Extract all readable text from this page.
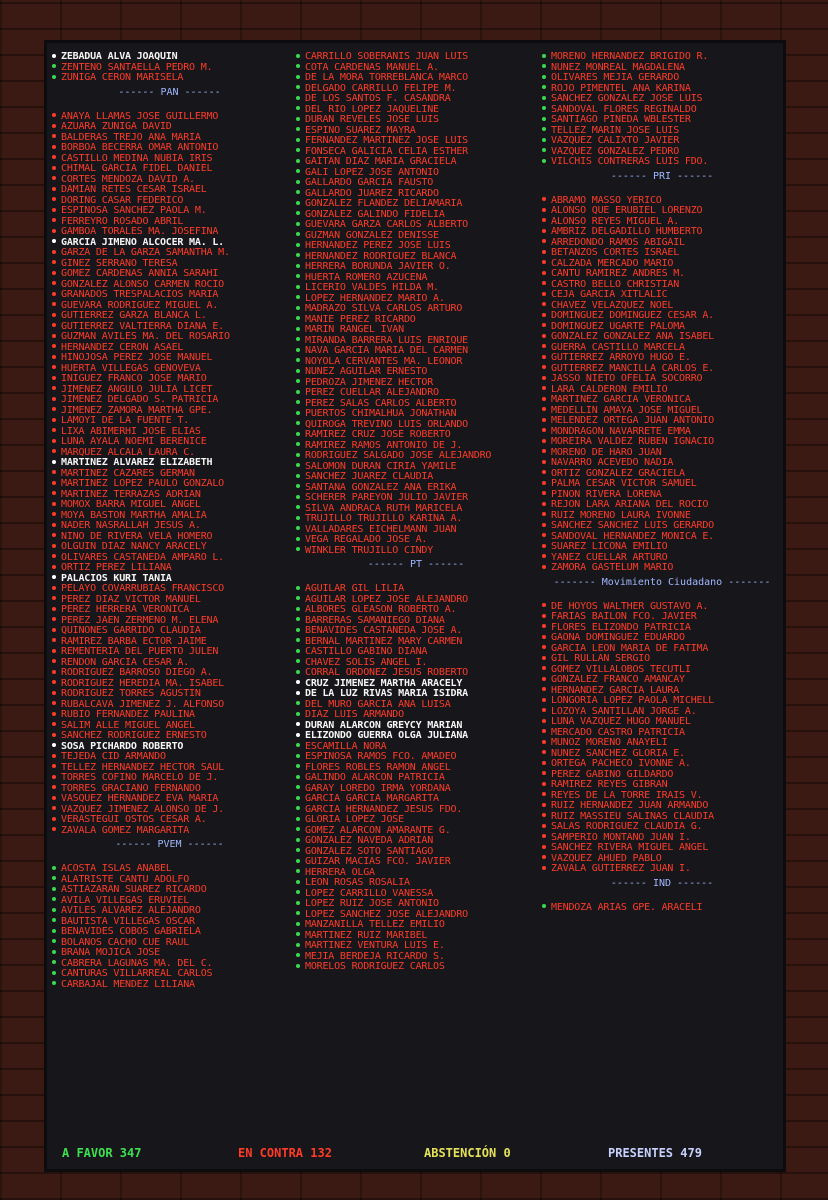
ZEBADÚA ALVA JOAQUÍN
ZENTENO SANTAELLA PEDRO M.
ZÚÑIGA CERÓN MARISELA
------ PAN ------
ANAYA LLAMAS JOSÉ GUILLERMO
AZUARA ZÚÑIGA DAVID
BALDERAS TREJO ANA MARÍA
BORBOA BECERRA OMAR ANTONIO
CASTILLO MEDINA NUBIA IRIS
CHIMAL GARCÍA FIDEL DANIEL
CORTÉS MENDOZA DAVID A.
DAMIÁN RETES CÉSAR ISRAEL
DÓRING CASAR FEDERICO
ESPINOSA SÁNCHEZ PAOLA M.
FERREYRO ROSADO ABRIL
GAMBOA TORALES MA. JOSEFINA
GARCÍA JIMENO ALCOCER MA. L.
GARZA DE LA GARZA SAMANTHA M.
GINEZ SERRANO TERESA
GÓMEZ CÁRDENAS ANNIA SARAHÍ
GONZÁLEZ ALONSO CARMEN ROCÍO
GRANADOS TRESPALACIOS MARÍA
GUEVARA RODRÍGUEZ MIGUEL A.
GUTIÉRREZ GARZA BLANCA L.
GUTIÉRREZ VALTIERRA DIANA E.
GUZMÁN AVILÉS MA. DEL ROSARIO
HERNÁNDEZ CERÓN ASAEL
HINOJOSA PÉREZ JOSÉ MANUEL
HUERTA VILLEGAS GENOVEVA
IÑIGUEZ FRANCO JOSÉ MARIO
JIMÉNEZ ANGULO JULIA LICET
JIMÉNEZ DELGADO S. PATRICIA
JIMÉNEZ ZAMORA MARTHA GPE.
LAMOYI DE LA FUENTE T.
LIXA ABIMERHI JOSÉ ELÍAS
LUNA AYALA NOEMÍ BERENICE
MARQUEZ ALCALÁ LAURA C.
MARTÍNEZ ÁLVAREZ ELIZABETH
MARTÍNEZ CÁZARES GERMÁN
MARTÍNEZ LÓPEZ PAULO GONZALO
MARTÍNEZ TERRAZAS ADRIÁN
MOMOX BARRA MIGUEL ÁNGEL
MOYA BASTÓN MARTHA AMALIA
NADER NASRALLAH JESÚS A.
NIÑO DE RIVERA VELA HOMERO
OLGUÍN DÍAZ NANCY ARACELY
OLIVARES CASTAÑEDA AMPARO L.
ORTIZ PÉREZ LILIANA
PALACIOS KURI TANIA
PELAYO COVARRUBIAS FRANCISCO
PÉREZ DÍAZ VÍCTOR MANUEL
PÉREZ HERRERA VERÓNICA
PÉREZ JAEN ZERMEÑO M. ELENA
QUIÑONES GARRIDO CLAUDIA
RAMÍREZ BARBA ECTOR JAIME
REMENTERÍA DEL PUERTO JULEN
RENDÓN GARCÍA CÉSAR A.
RODRÍGUEZ BARROSO DIEGO A.
RODRÍGUEZ HEREDIA MA. ISABEL
RODRÍGUEZ TORRES AGUSTÍN
RUBALCAVA JIMÉNEZ J. ALFONSO
RUBIO FERNÁNDEZ PAULINA
SALIM ALLE MIGUEL ÁNGEL
SÁNCHEZ RODRÍGUEZ ERNESTO
SOSA PICHARDO ROBERTO
TEJEDA CID ARMANDO
TÉLLEZ HERNÁNDEZ HÉCTOR SAÚL
TORRES COFIÑO MARCELO DE J.
TORRES GRACIANO FERNANDO
VÁSQUEZ HERNÁNDEZ EVA MARÍA
VÁZQUEZ JIMÉNEZ ALONSO DE J.
VERÁSTEGUI OSTOS CÉSAR A.
ZAVALA GÓMEZ MARGARITA
------ PVEM ------
ACOSTA ISLAS ANABEL
ALATRISTE CANTÚ ADOLFO
ASTIAZARÁN SUÁREZ RICARDO
ÁVILA VILLEGAS ERUVIEL
AVILÉS ÁLVAREZ ALEJANDRO
BAUTISTA VILLEGAS OSCAR
BENAVIDES COBOS GABRIELA
BOLAÑOS CACHO CUÉ RAÚL
BRAÑA MOJICA JOSÉ
CABRERA LAGUNAS MA. DEL C.
CANTURAS VILLARREAL CARLOS
CARBAJAL MÉNDEZ LILIANA
CARRILLO SOBERANIS JUAN LUIS
COTA CÁRDENAS MANUEL A.
DE LA MORA TORREBLANCA MARCO
DELGADO CARRILLO FELIPE M.
DE LOS SANTOS F. CASANDRA
DEL RÍO LÓPEZ JAQUELINE
DURÁN REVELES JOSÉ LUIS
ESPINO SUÁREZ MAYRA
FERNÁNDEZ MARTÍNEZ JOSÉ LUIS
FONSECA GALICIA CELIA ESTHER
GAITÁN DÍAZ MARÍA GRACIELA
GALI LÓPEZ JOSÉ ANTONIO
GALLARDO GARCÍA FAUSTO
GALLARDO JUÁREZ RICARDO
GONZÁLEZ FLANDEZ DELIAMARIA
GONZÁLEZ GALINDO FIDELIA
GUEVARA GARZA CARLOS ALBERTO
GUZMÁN GONZÁLEZ DENISSE
HERNÁNDEZ PÉREZ JOSÉ LUIS
HERNÁNDEZ RODRÍGUEZ BLANCA
HERRERA BORUNDA JAVIER O.
HUERTA ROMERO AZUCENA
LICERIO VALDÉS HILDA M.
LÓPEZ HERNÁNDEZ MARIO A.
MADRAZO SILVA CARLOS ARTURO
MANIÉ PÉREZ RICARDO
MARÍN RANGEL IVÁN
MIRANDA BARRERA LUIS ENRIQUE
NAVA GARCÍA MARÍA DEL CARMEN
NOYOLA CERVANTES MA. LEONOR
NÚÑEZ AGUILAR ERNESTO
PEDROZA JIMÉNEZ HÉCTOR
PÉREZ CUÉLLAR ALEJANDRO
PÉREZ SALAS CARLOS ALBERTO
PUERTOS CHIMALHUA JONATHAN
QUIROGA TREVIÑO LUIS ORLANDO
RAMÍREZ CRUZ JOSÉ ROBERTO
RAMÍREZ RAMOS ANTONIO DE J.
RODRÍGUEZ SALGADO JOSÉ ALEJANDRO
SALOMÓN DURÁN CIRIA YAMILE
SÁNCHEZ JUÁREZ CLAUDIA
SANTANA GONZÁLEZ ANA ERIKA
SCHERER PAREYÓN JULIO JAVIER
SILVA ANDRACA RUTH MARICELA
TRUJILLO TRUJILLO KARINA A.
VALLADARES EICHELMANN JUAN
VEGA REGALADO JOSÉ A.
WINKLER TRUJILLO CINDY
------ PT ------
AGUILAR GIL LILIA
AGUILAR LÓPEZ JOSÉ ALEJANDRO
ALBORES GLEASON ROBERTO A.
BARRERAS SAMANIEGO DIANA
BENAVIDES CASTAÑEDA JOSÉ A.
BERNAL MARTÍNEZ MARY CARMEN
CASTILLO GABINO DIANA
CHÁVEZ SOLÍS ÁNGEL I.
CORRAL ORDOÑEZ JESÚS ROBERTO
CRUZ JIMÉNEZ MARTHA ARACELY
DE LA LUZ RIVAS MARÍA ISIDRA
DEL MURO GARCÍA ANA LUISA
DÍAZ LUIS ARMANDO
DURÁN ALARCÓN GREYCY MARIAN
ELIZONDO GUERRA OLGA JULIANA
ESCAMILLA NORA
ESPINOSA RAMOS FCO. AMADEO
FLORES ROBLES RAMÓN ÁNGEL
GALINDO ALARCÓN PATRICIA
GARAY LOREDO IRMA YORDANA
GARCÍA GARCÍA MARGARITA
GARCÍA HERNÁNDEZ JESÚS FDO.
GLORIA LÓPEZ JOSÉ
GÓMEZ ALARCÓN AMARANTE G.
GONZÁLEZ NAVEDA ADRIÁN
GONZÁLEZ SOTO SANTIAGO
GUIZAR MACÍAS FCO. JAVIER
HERRERA OLGA
LEÓN ROSAS ROSALÍA
LÓPEZ CARRILLO VANESSA
LÓPEZ RUIZ JOSÉ ANTONIO
LÓPEZ SÁNCHEZ JOSÉ ALEJANDRO
MANZANILLA TÉLLEZ EMILIO
MARTÍNEZ RUIZ MARIBEL
MARTÍNEZ VENTURA LUIS E.
MEJÍA BERDEJA RICARDO S.
MORELOS RODRÍGUEZ CARLOS
MORENO HERNÁNDEZ BRIGIDO R.
NÚÑEZ MONREAL MAGDALENA
OLIVARES MEJÍA GERARDO
ROJO PIMENTEL ANA KARINA
SÁNCHEZ GONZÁLEZ JOSÉ LUIS
SANDOVAL FLORES REGINALDO
SANTIAGO PINEDA WBLESTER
TÉLLEZ MARÍN JOSÉ LUIS
VÁZQUEZ CALIXTO JAVIER
VÁZQUEZ GONZÁLEZ PEDRO
VILCHIS CONTRERAS LUIS FDO.
------ PRI ------
ABRAMO MASSO YERICÓ
ALONSO QUE ERUBIEL LORENZO
ALONSO REYES MIGUEL A.
AMBRIZ DELGADILLO HUMBERTO
ARREDONDO RAMOS ABIGAIL
BETANZOS CORTÉS ISRAEL
CALZADA MERCADO MARIO
CANTÚ RAMÍREZ ANDRÉS M.
CASTRO BELLO CHRISTIAN
CEJA GARCÍA XITLALIC
CHÁVEZ VELÁZQUEZ NOEL
DOMÍNGUEZ DOMÍNGUEZ CÉSAR A.
DOMÍNGUEZ UGARTE PALOMA
GONZÁLEZ GONZÁLEZ ANA ISABEL
GUERRA CASTILLO MARCELA
GUTIÉRREZ ARROYO HUGO E.
GUTIÉRREZ MANCILLA CARLOS E.
JASSO NIETO OFELIA SOCORRO
LARA CALDERÓN EMILIO
MARTÍNEZ GARCÍA VERÓNICA
MEDELLÍN AMAYA JOSÉ MIGUEL
MELÉNDEZ ORTEGA JUAN ANTONIO
MONDRAGÓN NAVARRETE EMMA
MOREIRA VALDEZ RUBÉN IGNACIO
MORENO DE HARO JUAN
NAVARRO ACEVEDO NADIA
ORTIZ GONZÁLEZ GRACIELA
PALMA CÉSAR VÍCTOR SAMUEL
PIÑÓN RIVERA LORENA
REJÓN LARA ARIANA DEL ROCÍO
RUIZ MORENO LAURA IVONNE
SÁNCHEZ SÁNCHEZ LUIS GERARDO
SANDOVAL HERNÁNDEZ MÓNICA E.
SUÁREZ LICONA EMILIO
YÁÑEZ CUÉLLAR ARTURO
ZAMORA GASTÉLUM MARIO
------- Movimiento Ciudadano -------
DE HOYOS WALTHER GUSTAVO A.
FARÍAS BAILÓN FCO. JAVIER
FLORES ELIZONDO PATRICIA
GAONA DOMÍNGUEZ EDUARDO
GARCÍA LEÓN MARÍA DE FÁTIMA
GIL RULLÁN SERGIO
GÓMEZ VILLALOBOS TECUTLI
GONZÁLEZ FRANCO AMANCAY
HERNÁNDEZ GARCÍA LAURA
LONGORIA LÓPEZ PAOLA MICHELL
LOZOYA SANTILLÁN JORGE A.
LUNA VÁZQUEZ HUGO MANUEL
MERCADO CASTRO PATRICIA
MUÑOZ MORENO ANAYELI
NÚÑEZ SÁNCHEZ GLORIA E.
ORTEGA PACHECO IVONNE A.
PÉREZ GABINO GILDARDO
RAMÍREZ REYES GIBRÁN
REYES DE LA TORRE IRAÍS V.
RUIZ HERNÁNDEZ JUAN ARMANDO
RUIZ MASSIEU SALINAS CLAUDIA
SALAS RODRÍGUEZ CLAUDIA G.
SAMPERIO MONTAÑO JUAN I.
SÁNCHEZ RIVERA MIGUEL ÁNGEL
VÁZQUEZ AHUED PABLO
ZAVALA GUTIÉRREZ JUAN I.
------ IND ------
MENDOZA ARIAS GPE. ARACELI
A FAVOR 347	EN CONTRA 132	ABSTENCIÓN 0	PRESENTES 479
